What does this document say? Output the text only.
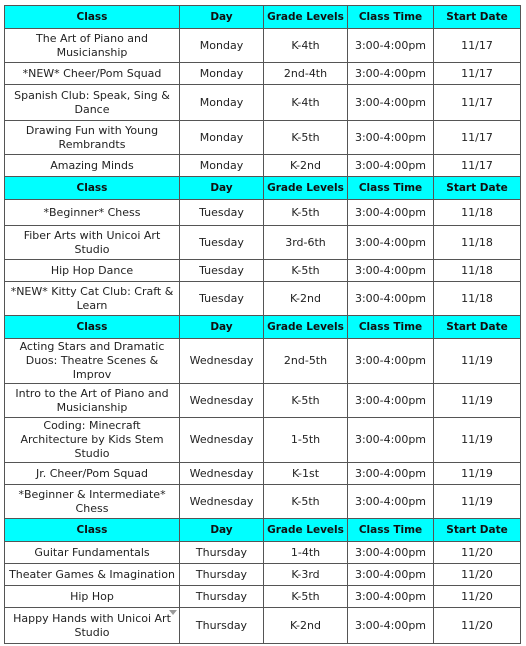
Class	Day	Grade Levels	Class Time	Start Date
The Art of Piano and Musicianship	Monday	K-4th	3:00-4:00pm	11/17
*NEW* Cheer/Pom Squad	Monday	2nd-4th	3:00-4:00pm	11/17
Spanish Club: Speak, Sing & Dance	Monday	K-4th	3:00-4:00pm	11/17
Drawing Fun with Young Rembrandts	Monday	K-5th	3:00-4:00pm	11/17
Amazing Minds	Monday	K-2nd	3:00-4:00pm	11/17
Class	Day	Grade Levels	Class Time	Start Date
*Beginner* Chess	Tuesday	K-5th	3:00-4:00pm	11/18
Fiber Arts with Unicoi Art Studio	Tuesday	3rd-6th	3:00-4:00pm	11/18
Hip Hop Dance	Tuesday	K-5th	3:00-4:00pm	11/18
*NEW* Kitty Cat Club: Craft & Learn	Tuesday	K-2nd	3:00-4:00pm	11/18
Class	Day	Grade Levels	Class Time	Start Date
Acting Stars and Dramatic Duos: Theatre Scenes & Improv	Wednesday	2nd-5th	3:00-4:00pm	11/19
Intro to the Art of Piano and Musicianship	Wednesday	K-5th	3:00-4:00pm	11/19
Coding: Minecraft Architecture by Kids Stem Studio	Wednesday	1-5th	3:00-4:00pm	11/19
Jr. Cheer/Pom Squad	Wednesday	K-1st	3:00-4:00pm	11/19
*Beginner & Intermediate* Chess	Wednesday	K-5th	3:00-4:00pm	11/19
Class	Day	Grade Levels	Class Time	Start Date
Guitar Fundamentals	Thursday	1-4th	3:00-4:00pm	11/20
Theater Games & Imagination	Thursday	K-3rd	3:00-4:00pm	11/20
Hip Hop	Thursday	K-5th	3:00-4:00pm	11/20
Happy Hands with Unicoi Art Studio	Thursday	K-2nd	3:00-4:00pm	11/20
